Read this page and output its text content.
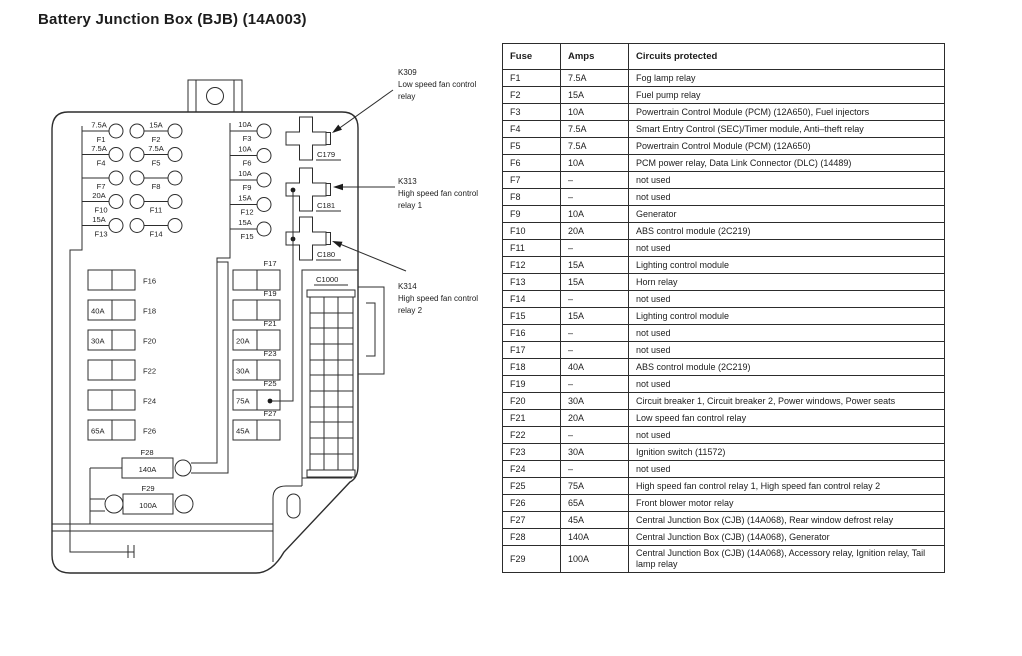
Battery Junction Box (BJB) (14A003)
7.5A
F1
15A
F2
7.5A
F4
7.5A
F5
F7	F8
20A
F10	F11
15A
F13	F14
10A
F3
10A
F6
10A
F9
15A
F12
15A
F15
F16
40A	F18
30A	F20
F22
F24
65A	F26
F17
F19
F21
20A
F23
30A
F25
75A
F27
45A
F28
140A
F29
100A
C179
C181
C180
C1000
K309
Low speed fan control
relay
K313
High speed fan control
relay 1
K314
High speed fan control
relay 2
Fuse	Amps	Circuits protected
F1	7.5A	Fog lamp relay
F2	15A	Fuel pump relay
F3	10A	Powertrain Control Module (PCM) (12A650), Fuel injectors
F4	7.5A	Smart Entry Control (SEC)/Timer module, Anti–theft relay
F5	7.5A	Powertrain Control Module (PCM) (12A650)
F6	10A	PCM power relay, Data Link Connector (DLC) (14489)
F7	–	not used
F8	–	not used
F9	10A	Generator
F10	20A	ABS control module (2C219)
F11	–	not used
F12	15A	Lighting control module
F13	15A	Horn relay
F14	–	not used
F15	15A	Lighting control module
F16	–	not used
F17	–	not used
F18	40A	ABS control module (2C219)
F19	–	not used
F20	30A	Circuit breaker 1, Circuit breaker 2, Power windows, Power seats
F21	20A	Low speed fan control relay
F22	–	not used
F23	30A	Ignition switch (11572)
F24	–	not used
F25	75A	High speed fan control relay 1, High speed fan control relay 2
F26	65A	Front blower motor relay
F27	45A	Central Junction Box (CJB) (14A068), Rear window defrost relay
F28	140A	Central Junction Box (CJB) (14A068), Generator
F29	100A	Central Junction Box (CJB) (14A068), Accessory relay, Ignition relay, Tail lamp relay
